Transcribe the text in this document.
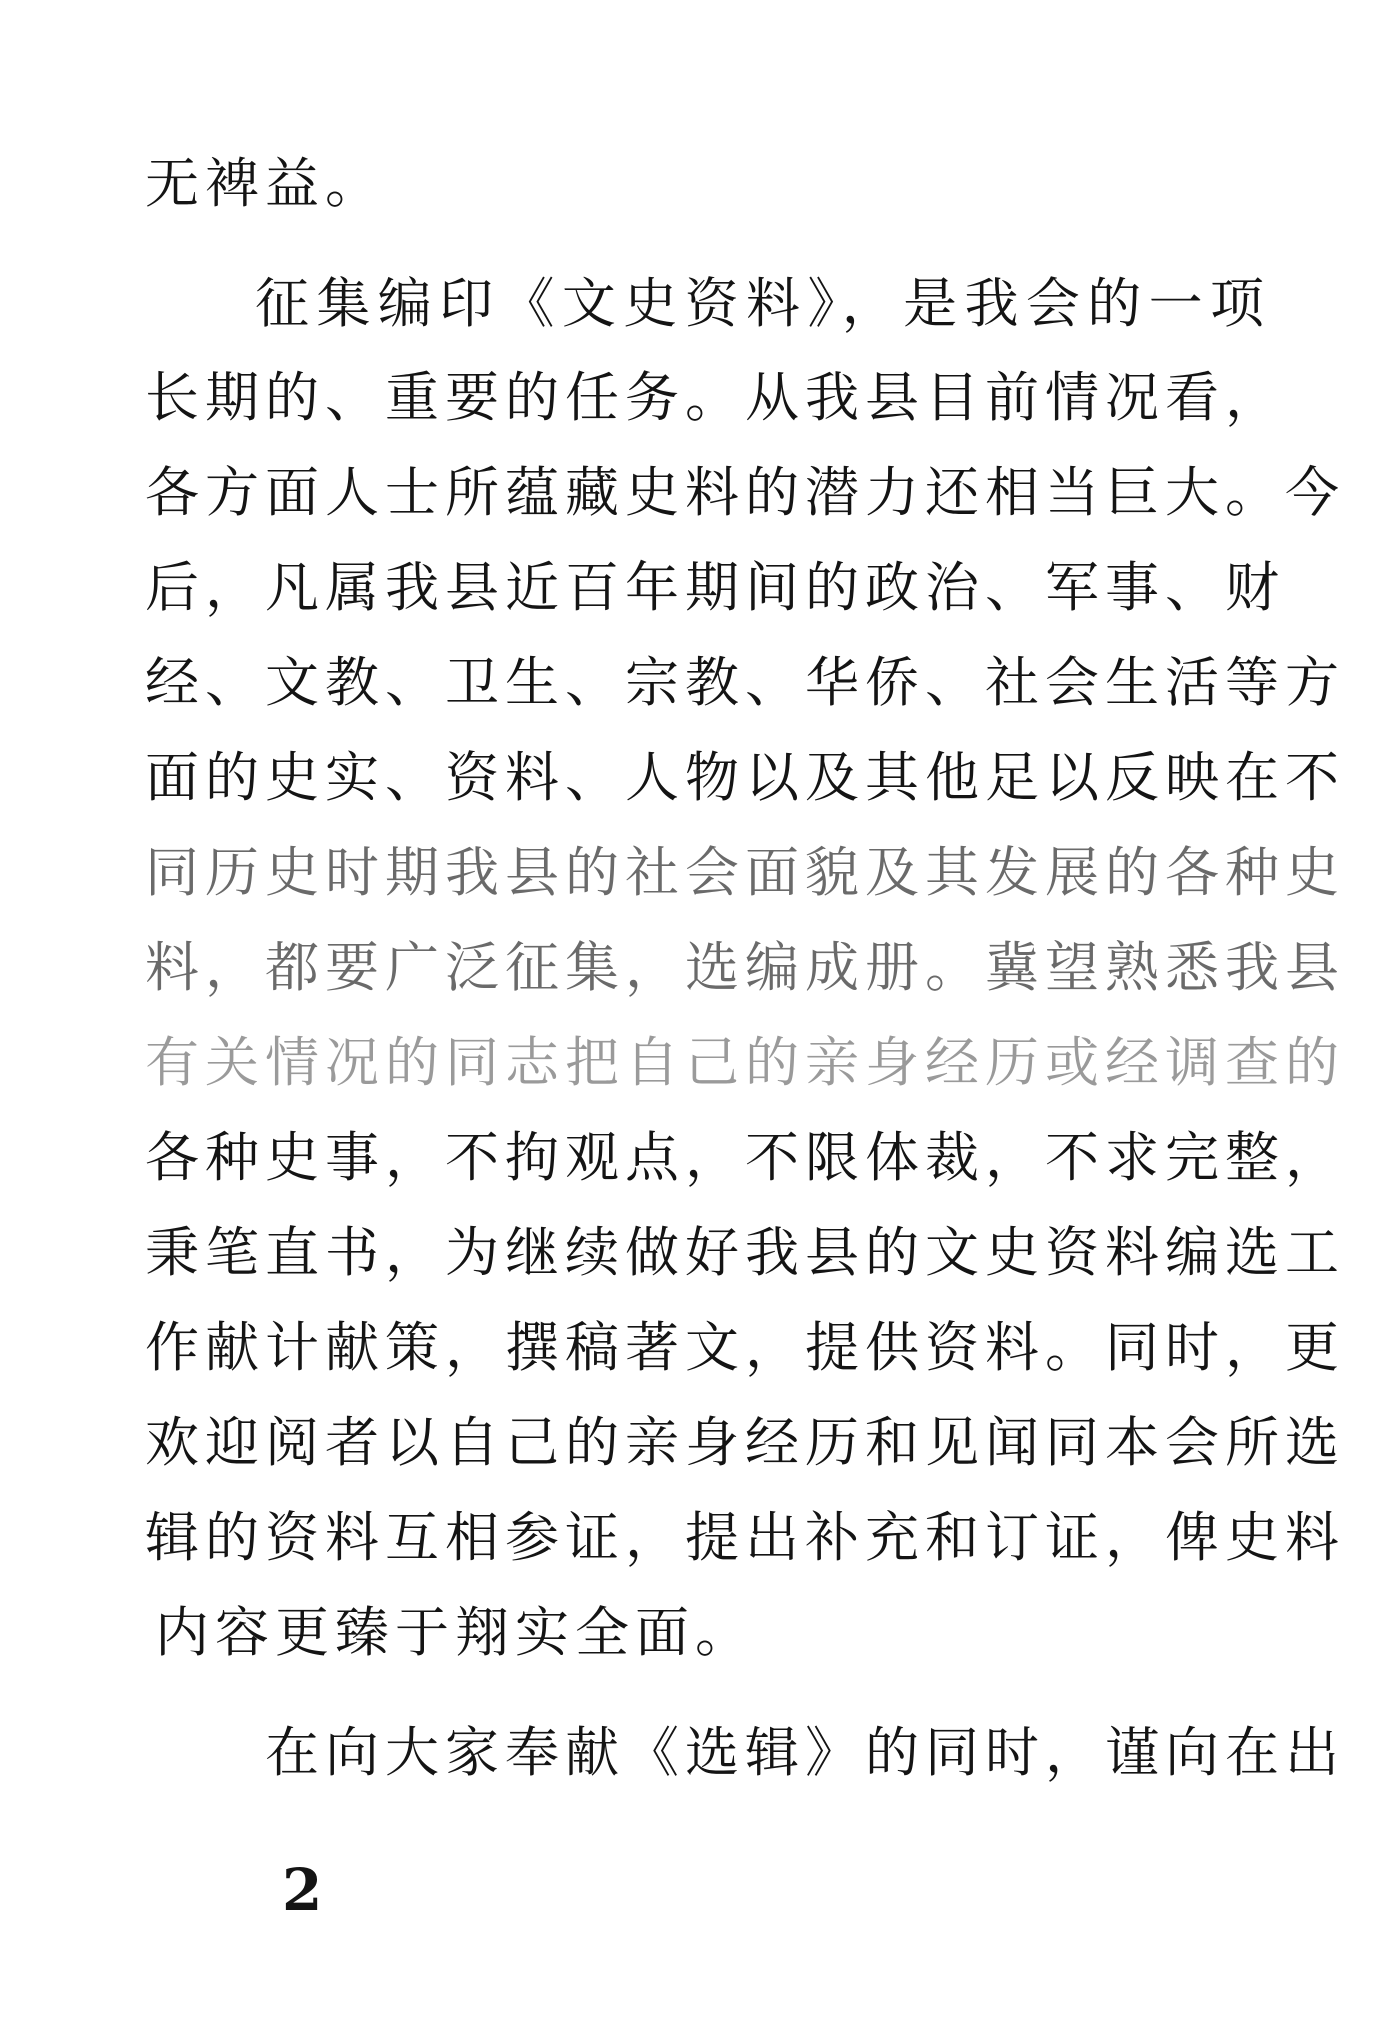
无裨益。
征集编印《文史资料》，是我会的一项
长期的、重要的任务。从我县目前情况看，
各方面人士所蕴藏史料的潜力还相当巨大。今
后，凡属我县近百年期间的政治、军事、财
经、文教、卫生、宗教、华侨、社会生活等方
面的史实、资料、人物以及其他足以反映在不
同历史时期我县的社会面貌及其发展的各种史
料，都要广泛征集，选编成册。冀望熟悉我县
有关情况的同志把自己的亲身经历或经调查的
各种史事，不拘观点，不限体裁，不求完整，
秉笔直书，为继续做好我县的文史资料编选工
作献计献策，撰稿著文，提供资料。同时，更
欢迎阅者以自己的亲身经历和见闻同本会所选
辑的资料互相参证，提出补充和订证，俾史料
内容更臻于翔实全面。
在向大家奉献《选辑》的同时，谨向在出
2
